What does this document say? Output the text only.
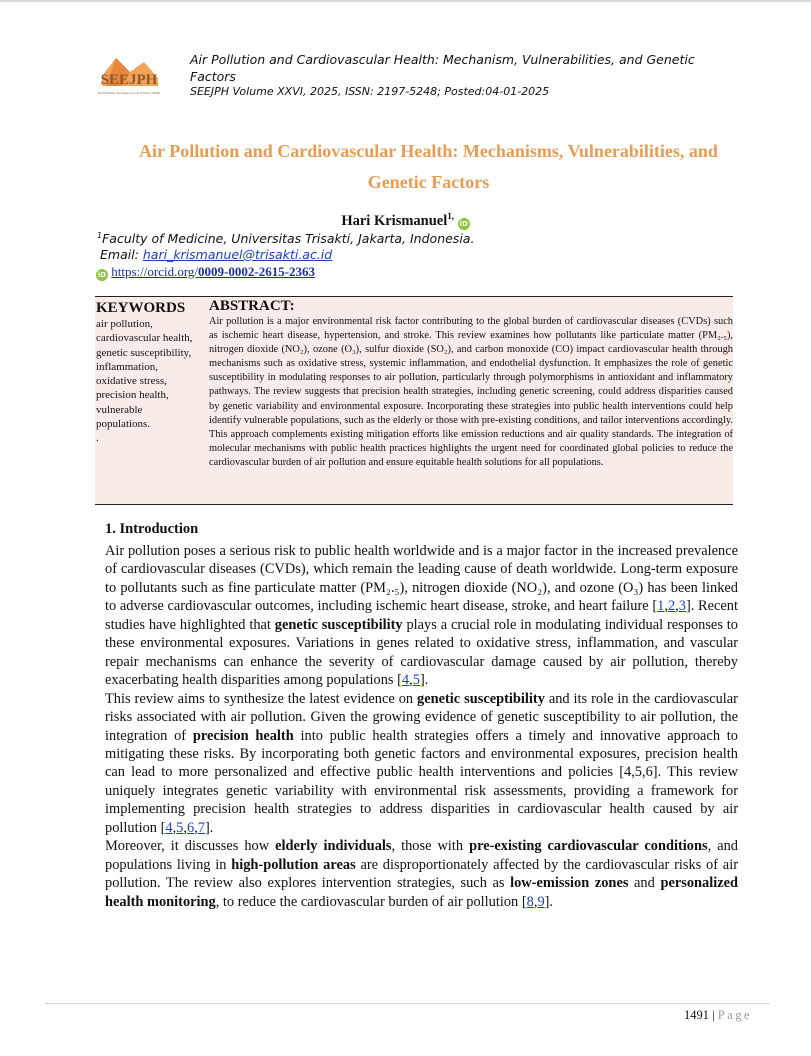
SEEJPH
South Eastern European Journal of Public Health
Air Pollution and Cardiovascular Health: Mechanism, Vulnerabilities, and Genetic Factors
SEEJPH Volume XXVI, 2025, ISSN: 2197-5248; Posted:04-01-2025
Air Pollution and Cardiovascular Health: Mechanisms, Vulnerabilities, and Genetic Factors
Hari Krismanuel$^{1,}$ iD
$^1$Faculty of Medicine, Universitas Trisakti, Jakarta, Indonesia.
Email: hari_krismanuel@trisakti.ac.id
iD https://orcid.org/0009-0002-2615-2363
KEYWORDS
air pollution,
cardiovascular health,
genetic susceptibility,
inflammation,
oxidative stress,
precision health,
vulnerable
populations.
.
ABSTRACT:
Air pollution is a major environmental risk factor contributing to the global burden of cardiovascular diseases (CVDs) such as ischemic heart disease, hypertension, and stroke. This review examines how pollutants like particulate matter (PM₂.₅), nitrogen dioxide (NO₂), ozone (O₃), sulfur dioxide (SO₂), and carbon monoxide (CO) impact cardiovascular health through mechanisms such as oxidative stress, systemic inflammation, and endothelial dysfunction. It emphasizes the role of genetic susceptibility in modulating responses to air pollution, particularly through polymorphisms in antioxidant and inflammatory pathways. The review suggests that precision health strategies, including genetic screening, could address disparities caused by genetic variability and environmental exposure. Incorporating these strategies into public health interventions could help identify vulnerable populations, such as the elderly or those with pre-existing conditions, and tailor interventions accordingly. This approach complements existing mitigation efforts like emission reductions and air quality standards. The integration of molecular mechanisms with public health practices highlights the urgent need for coordinated global policies to reduce the cardiovascular burden of air pollution and ensure equitable health solutions for all populations.
1. Introduction

Air pollution poses a serious risk to public health worldwide and is a major factor in the increased prevalence of cardiovascular diseases (CVDs), which remain the leading cause of death worldwide. Long-term exposure to pollutants such as fine particulate matter (PM₂.₅), nitrogen dioxide (NO₂), and ozone (O₃) has been linked to adverse cardiovascular outcomes, including ischemic heart disease, stroke, and heart failure [1,2,3]. Recent studies have highlighted that genetic susceptibility plays a crucial role in modulating individual responses to these environmental exposures. Variations in genes related to oxidative stress, inflammation, and vascular repair mechanisms can enhance the severity of cardiovascular damage caused by air pollution, thereby exacerbating health disparities among populations [4,5].

This review aims to synthesize the latest evidence on genetic susceptibility and its role in the cardiovascular risks associated with air pollution. Given the growing evidence of genetic susceptibility to air pollution, the integration of precision health into public health strategies offers a timely and innovative approach to mitigating these risks. By incorporating both genetic factors and environmental exposures, precision health can lead to more personalized and effective public health interventions and policies [4,5,6]. This review uniquely integrates genetic variability with environmental risk assessments, providing a framework for implementing precision health strategies to address disparities in cardiovascular health caused by air pollution [4,5,6,7].

Moreover, it discusses how elderly individuals, those with pre-existing cardiovascular conditions, and populations living in high-pollution areas are disproportionately affected by the cardiovascular risks of air pollution. The review also explores intervention strategies, such as low-emission zones and personalized health monitoring, to reduce the cardiovascular burden of air pollution [8,9].

1491 | Page
